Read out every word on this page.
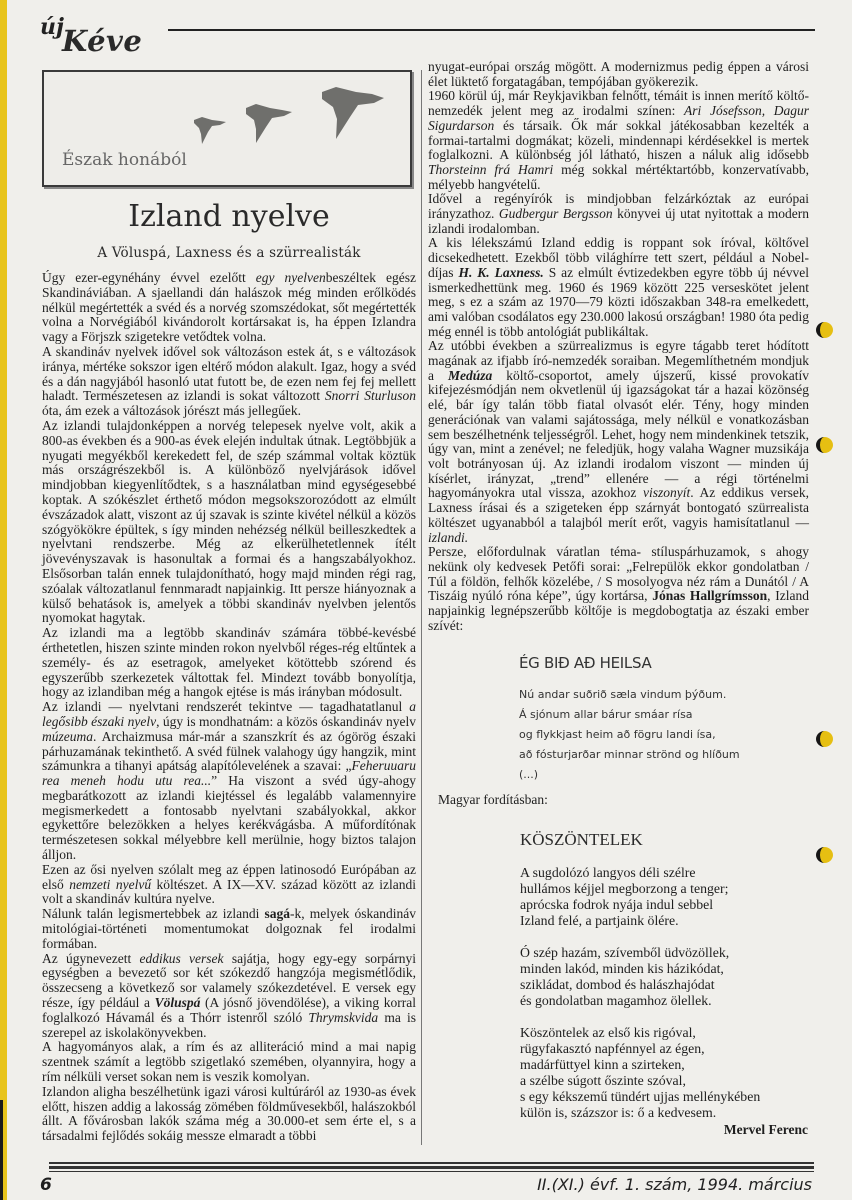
új
Kéve
Észak honából
Izland nyelve
A Völuspá, Laxness és a szürrealisták

Úgy ezer-egynéhány évvel ezelőtt egy nyelvenbeszéltek egész Skandináviában. A sjaellandi dán halászok még minden erőlködés nélkül megértették a svéd és a norvég szomszédokat, sőt megértették volna a Norvégiából kivándorolt kortársakat is, ha éppen Izlandra vagy a Förjszk szigetekre vetődtek volna.

A skandináv nyelvek idővel sok változáson estek át, s e változások iránya, mértéke sokszor igen eltérő módon alakult. Igaz, hogy a svéd és a dán nagyjából hasonló utat futott be, de ezen nem fej fej mellett haladt. Természetesen az izlandi is sokat változott Snorri Sturluson óta, ám ezek a változások jórészt más jellegűek.

Az izlandi tulajdonképpen a norvég telepesek nyelve volt, akik a 800-as években és a 900-as évek elején indultak útnak. Legtöbbjük a nyugati megyékből kerekedett fel, de szép számmal voltak köztük más országrészekből is. A különböző nyelvjárások idővel mindjobban kiegyenlítődtek, s a használatban mind egységesebbé koptak. A szókészlet érthető módon megsokszorozódott az elmúlt évszázadok alatt, viszont az új szavak is szinte kivétel nélkül a közös szógyökökre épültek, s így minden nehézség nélkül beilleszkedtek a nyelvtani rendszerbe. Még az elkerülhetetlennek ítélt jövevényszavak is hasonultak a formai és a hangszabályokhoz. Elsősorban talán ennek tulajdonítható, hogy majd minden régi rag, szóalak változatlanul fennmaradt napjainkig. Itt persze hiányoznak a külső behatások is, amelyek a többi skandináv nyelvben jelentős nyomokat hagytak.

Az izlandi ma a legtöbb skandináv számára többé-kevésbé érthetetlen, hiszen szinte minden rokon nyelvből réges-rég eltűntek a személy- és az esetragok, amelyeket kötöttebb szórend és egyszerűbb szerkezetek váltottak fel. Mindezt tovább bonyolítja, hogy az izlandiban még a hangok ejtése is más irányban módosult.

Az izlandi — nyelvtani rendszerét tekintve — tagadhatatlanul a legősibb északi nyelv, úgy is mondhatnám: a közös óskandináv nyelv múzeuma. Archaizmusa már-már a szanszkrít és az ógörög északi párhuzamának tekinthető. A svéd fülnek valahogy úgy hangzik, mint számunkra a tihanyi apátság alapítólevelének a szavai: „Feheruuaru rea meneh hodu utu rea...” Ha viszont a svéd úgy-ahogy megbarátkozott az izlandi kiejtéssel és legalább valamennyire megismerkedett a fontosabb nyelvtani szabályokkal, akkor egykettőre belezökken a helyes kerékvágásba. A műfordítónak természetesen sokkal mélyebbre kell merülnie, hogy biztos talajon álljon.

Ezen az ősi nyelven szólalt meg az éppen latinosodó Európában az első nemzeti nyelvű költészet. A IX—XV. század között az izlandi volt a skandináv kultúra nyelve.

Nálunk talán legismertebbek az izlandi sagá-k, melyek óskandináv mitológiai-történeti momentumokat dolgoznak fel irodalmi formában.

Az úgynevezett eddikus versek sajátja, hogy egy-egy sorpárnyi egységben a bevezető sor két szókezdő hangzója megismétlődik, összecseng a következő sor valamely szókezdetével. E versek egy része, így például a Völuspá (A jósnő jövendölése), a viking korral foglalkozó Hávamál és a Thórr istenről szóló Thrymskvida ma is szerepel az iskolakönyvekben.

A hagyományos alak, a rím és az alliteráció mind a mai napig szentnek számít a legtöbb szigetlakó szemében, olyannyira, hogy a rím nélküli verset sokan nem is veszik komolyan.

Izlandon aligha beszélhetünk igazi városi kultúráról az 1930-as évek előtt, hiszen addig a lakosság zömében földművesekből, halászokból állt. A fővárosban lakók száma még a 30.000-et sem érte el, s a társadalmi fejlődés sokáig messze elmaradt a többi

nyugat-európai ország mögött. A modernizmus pedig éppen a városi élet lüktető forgatagában, tempójában gyökerezik.

1960 körül új, már Reykjavikban felnőtt, témáit is innen merítő költő-nemzedék jelent meg az irodalmi színen: Ari Jósefsson, Dagur Sigurdarson és társaik. Ők már sokkal játékosabban kezelték a formai-tartalmi dogmákat; közeli, mindennapi kérdésekkel is mertek foglalkozni. A különbség jól látható, hiszen a náluk alig idősebb Thorsteinn frá Hamri még sokkal mértéktartóbb, konzervatívabb, mélyebb hangvételű.

Idővel a regényírók is mindjobban felzárkóztak az európai irányzathoz. Gudbergur Bergsson könyvei új utat nyitottak a modern izlandi irodalomban.

A kis lélekszámú Izland eddig is roppant sok íróval, költővel dicsekedhetett. Ezekből több világhírre tett szert, például a Nobel-díjas H. K. Laxness. S az elmúlt évtizedekben egyre több új névvel ismerkedhettünk meg. 1960 és 1969 között 225 verseskötet jelent meg, s ez a szám az 1970—79 közti időszakban 348-ra emelkedett, ami valóban csodálatos egy 230.000 lakosú országban! 1980 óta pedig még ennél is több antológiát publikáltak.

Az utóbbi években a szürrealizmus is egyre tágabb teret hódított magának az ifjabb író-nemzedék soraiban. Megemlíthetném mondjuk a Medúza költő-csoportot, amely újszerű, kissé provokatív kifejezésmódján nem okvetlenül új igazságokat tár a hazai közönség elé, bár így talán több fiatal olvasót elér. Tény, hogy minden generációnak van valami sajátossága, mely nélkül e vonatkozásban sem beszélhetnénk teljességről. Lehet, hogy nem mindenkinek tetszik, úgy van, mint a zenével; ne feledjük, hogy valaha Wagner muzsikája volt botrányosan új. Az izlandi irodalom viszont — minden új kísérlet, irányzat, „trend” ellenére — a régi történelmi hagyományokra utal vissza, azokhoz viszonyít. Az eddikus versek, Laxness írásai és a szigeteken épp szárnyát bontogató szürrealista költészet ugyanabból a talajból merít erőt, vagyis hamisítatlanul — izlandi.

Persze, előfordulnak váratlan téma- stíluspárhuzamok, s ahogy nekünk oly kedvesek Petőfi sorai: „Felrepülök ekkor gondolatban / Túl a földön, felhők közelébe, / S mosolyogva néz rám a Dunától / A Tiszáig nyúló róna képe”, úgy kortársa, Jónas Hallgrímsson, Izland napjainkig legnépszerűbb költője is megdobogtatja az északi ember szívét:

ÉG BIÐ AÐ HEILSA
Nú andar suðrið sæla vindum þýðum.
Á sjónum allar bárur smáar rísa
og flykkjast heim að fögru landi ísa,
að fósturjarðar minnar strönd og hlíðum
(...)
Magyar fordításban:
KÖSZÖNTELEK
A sugdolózó langyos déli szélre
hullámos kéjjel megborzong a tenger;
aprócska fodrok nyája indul sebbel
Izland felé, a partjaink ölére.
Ó szép hazám, szívemből üdvözöllek,
minden lakód, minden kis házikódat,
szikládat, dombod és halászhajódat
és gondolatban magamhoz ölellek.
Köszöntelek az első kis rigóval,
rügyfakasztó napfénnyel az égen,
madárfüttyel kinn a szirteken,
a szélbe súgott őszinte szóval,
s egy kékszemű tündért ujjas mellénykében
külön is, százszor is: ő a kedvesem.
Mervel Ferenc
6	II.(XI.) évf. 1. szám, 1994. március
